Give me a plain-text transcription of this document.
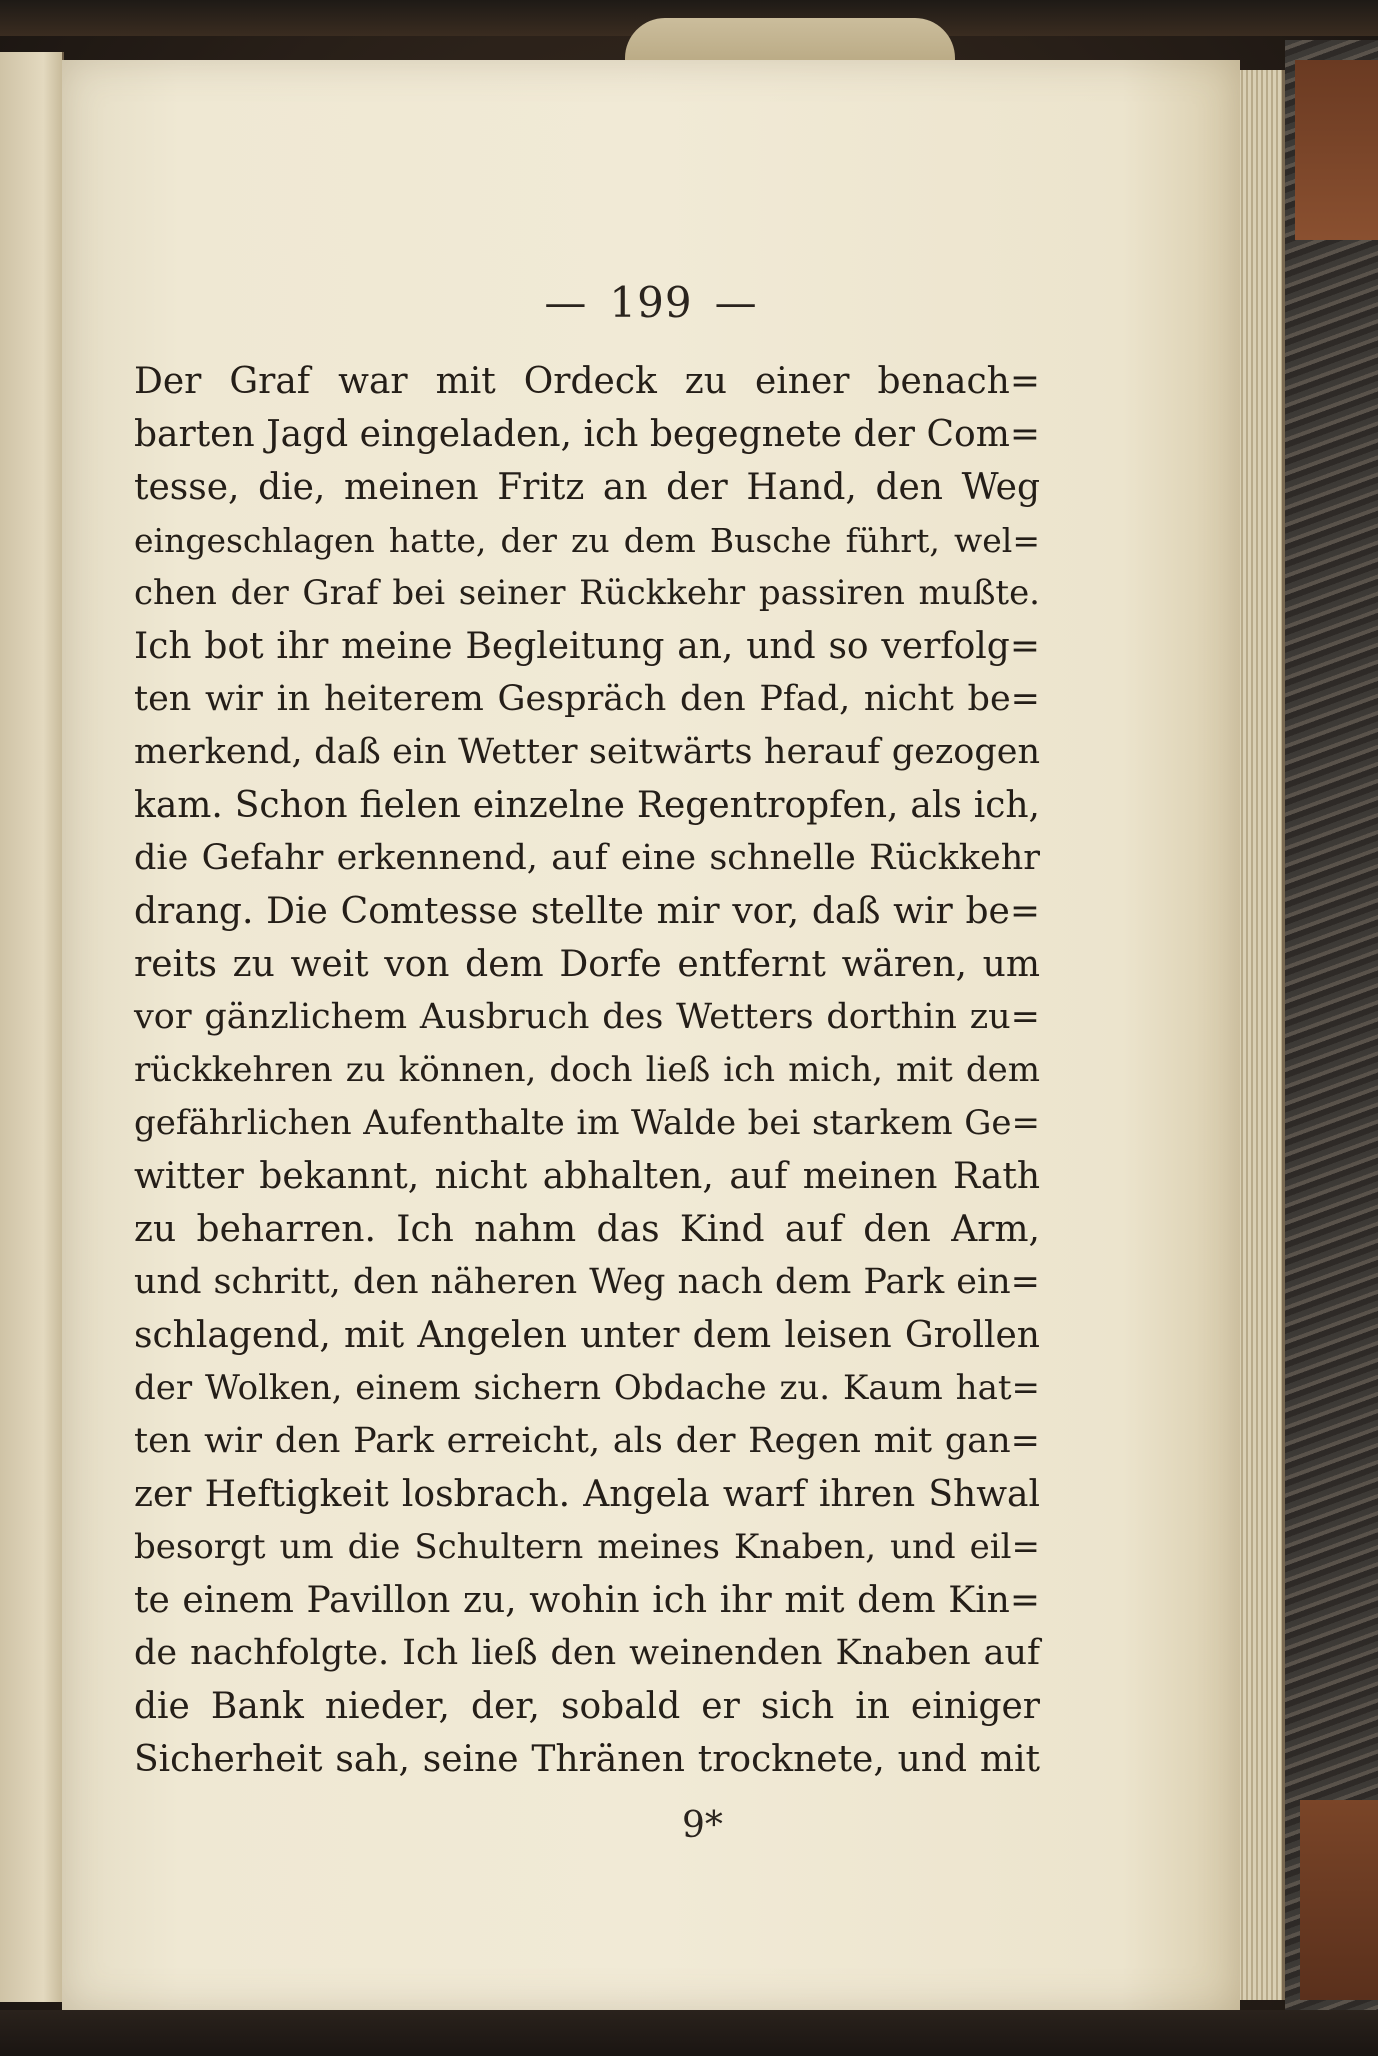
— 199 —
Der Graf war mit Ordeck zu einer benach=
barten Jagd eingeladen, ich begegnete der Com=
tesse, die, meinen Fritz an der Hand, den Weg
eingeschlagen hatte, der zu dem Busche führt, wel=
chen der Graf bei seiner Rückkehr passiren mußte.
Ich bot ihr meine Begleitung an, und so verfolg=
ten wir in heiterem Gespräch den Pfad, nicht be=
merkend, daß ein Wetter seitwärts herauf gezogen
kam. Schon fielen einzelne Regentropfen, als ich,
die Gefahr erkennend, auf eine schnelle Rückkehr
drang. Die Comtesse stellte mir vor, daß wir be=
reits zu weit von dem Dorfe entfernt wären, um
vor gänzlichem Ausbruch des Wetters dorthin zu=
rückkehren zu können, doch ließ ich mich, mit dem
gefährlichen Aufenthalte im Walde bei starkem Ge=
witter bekannt, nicht abhalten, auf meinen Rath
zu beharren. Ich nahm das Kind auf den Arm,
und schritt, den näheren Weg nach dem Park ein=
schlagend, mit Angelen unter dem leisen Grollen
der Wolken, einem sichern Obdache zu. Kaum hat=
ten wir den Park erreicht, als der Regen mit gan=
zer Heftigkeit losbrach. Angela warf ihren Shwal
besorgt um die Schultern meines Knaben, und eil=
te einem Pavillon zu, wohin ich ihr mit dem Kin=
de nachfolgte. Ich ließ den weinenden Knaben auf
die Bank nieder, der, sobald er sich in einiger
Sicherheit sah, seine Thränen trocknete, und mit
9*
